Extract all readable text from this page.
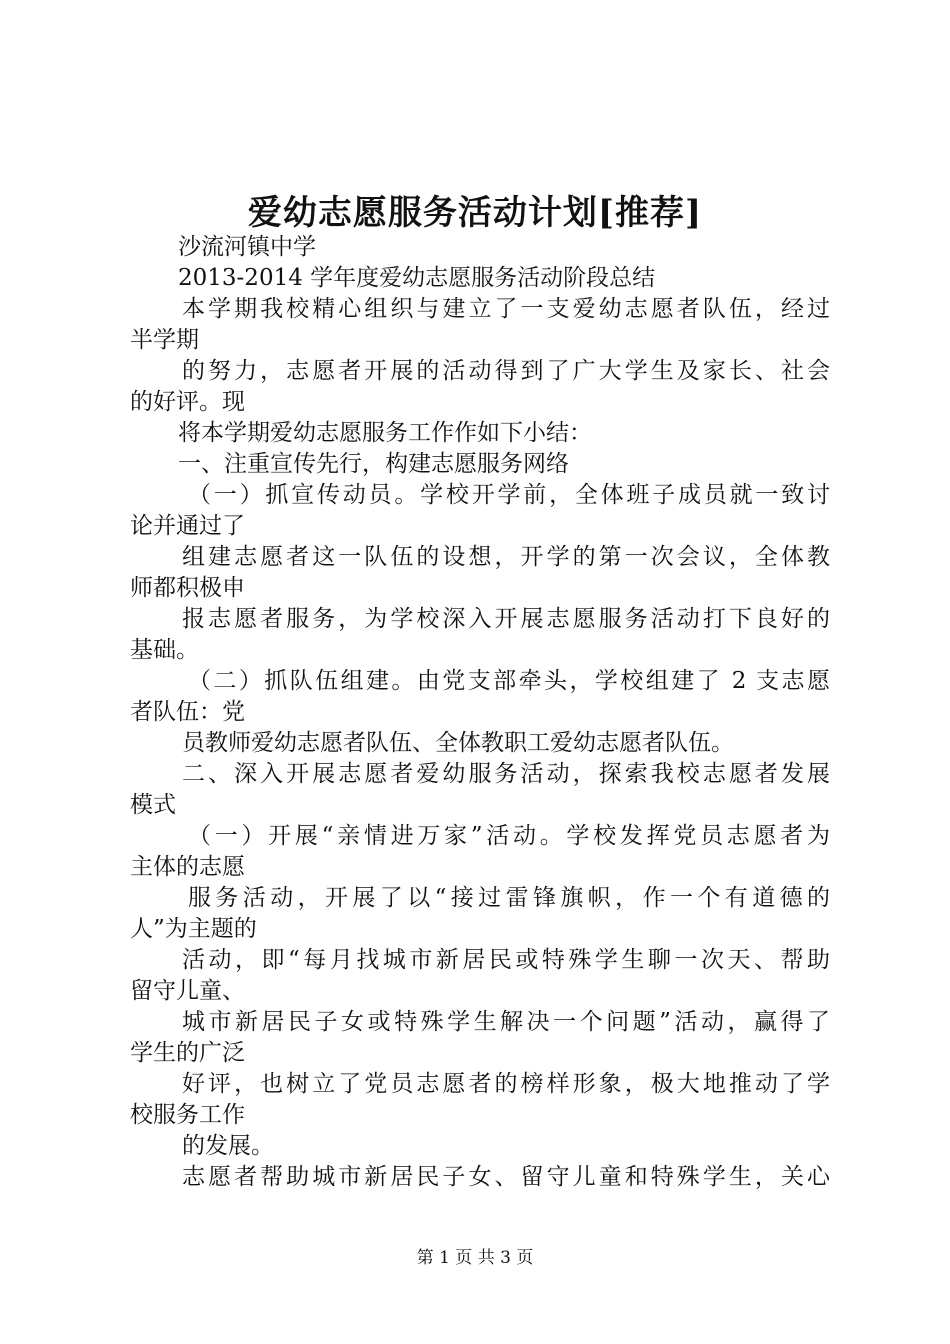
爱幼志愿服务活动计划[推荐]
沙流河镇中学
2013-2014 学年度爱幼志愿服务活动阶段总结
本学期我校精心组织与建立了一支爱幼志愿者队伍，经过
半学期
的努力，志愿者开展的活动得到了广大学生及家长、社会
的好评。现
将本学期爱幼志愿服务工作作如下小结：
一、注重宣传先行，构建志愿服务网络
（一）抓宣传动员。学校开学前，全体班子成员就一致讨
论并通过了
组建志愿者这一队伍的设想，开学的第一次会议，全体教
师都积极申
报志愿者服务，为学校深入开展志愿服务活动打下良好的
基础。
（二）抓队伍组建。由党支部牵头，学校组建了 2 支志愿
者队伍：党
员教师爱幼志愿者队伍、全体教职工爱幼志愿者队伍。
二、深入开展志愿者爱幼服务活动，探索我校志愿者发展
模式
（一）开展“亲情进万家”活动。学校发挥党员志愿者为
主体的志愿
服务活动，开展了以“接过雷锋旗帜，作一个有道德的
人”为主题的
活动，即“每月找城市新居民或特殊学生聊一次天、帮助
留守儿童、
城市新居民子女或特殊学生解决一个问题”活动，赢得了
学生的广泛
好评，也树立了党员志愿者的榜样形象，极大地推动了学
校服务工作
的发展。
志愿者帮助城市新居民子女、留守儿童和特殊学生，关心
第 1 页 共 3 页
